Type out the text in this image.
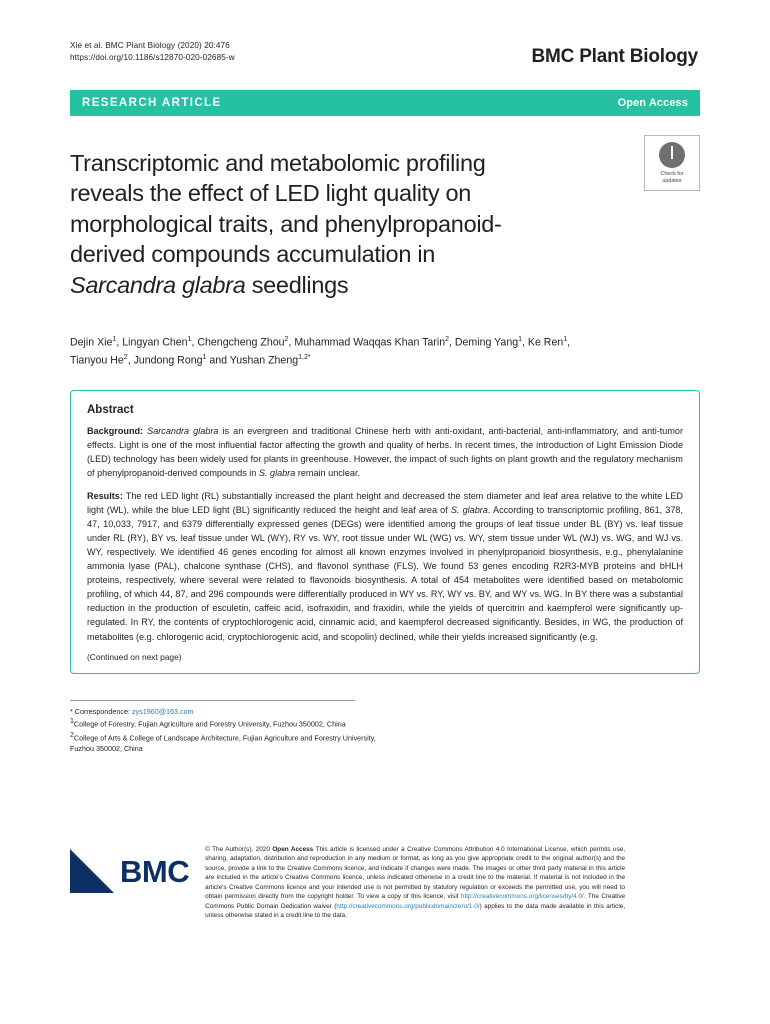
Xie et al. BMC Plant Biology (2020) 20:476
https://doi.org/10.1186/s12870-020-02685-w	BMC Plant Biology
RESEARCH ARTICLE	Open Access
Transcriptomic and metabolomic profiling
reveals the effect of LED light quality on
morphological traits, and phenylpropanoid-
derived compounds accumulation in
Sarcandra glabra seedlings
Check for
updates
Dejin Xie$^1$, Lingyan Chen$^1$, Chengcheng Zhou$^2$, Muhammad Waqqas Khan Tarin$^2$, Deming Yang$^1$, Ke Ren$^1$,
Tianyou He$^2$, Jundong Rong$^1$ and Yushan Zheng$^{1,2*}$
Abstract
Background: Sarcandra glabra is an evergreen and traditional Chinese herb with anti-oxidant, anti-bacterial, anti-inflammatory, and anti-tumor effects. Light is one of the most influential factor affecting the growth and quality of herbs. In recent times, the introduction of Light Emission Diode (LED) technology has been widely used for plants in greenhouse. However, the impact of such lights on plant growth and the regulatory mechanism of phenylpropanoid-derived compounds in S. glabra remain unclear.
Results: The red LED light (RL) substantially increased the plant height and decreased the stem diameter and leaf area relative to the white LED light (WL), while the blue LED light (BL) significantly reduced the height and leaf area of S. glabra. According to transcriptomic profiling, 861, 378, 47, 10,033, 7917, and 6379 differentially expressed genes (DEGs) were identified among the groups of leaf tissue under BL (BY) vs. leaf tissue under RL (RY), BY vs. leaf tissue under WL (WY), RY vs. WY, root tissue under WL (WG) vs. WY, stem tissue under WL (WJ) vs. WG, and WJ vs. WY, respectively. We identified 46 genes encoding for almost all known enzymes involved in phenylpropanoid biosynthesis, e.g., phenylalanine ammonia lyase (PAL), chalcone synthase (CHS), and flavonol synthase (FLS). We found 53 genes encoding R2R3-MYB proteins and bHLH proteins, respectively, where several were related to flavonoids biosynthesis. A total of 454 metabolites were identified based on metabolomic profiling, of which 44, 87, and 296 compounds were differentially produced in WY vs. RY, WY vs. BY, and WY vs. WG. In BY there was a substantial reduction in the production of esculetin, caffeic acid, isofraxidin, and fraxidin, while the yields of quercitrin and kaempferol were significantly up-regulated. In RY, the contents of cryptochlorogenic acid, cinnamic acid, and kaempferol decreased significantly. Besides, in WG, the production of metabolites (e.g. chlorogenic acid, cryptochlorogenic acid, and scopolin) declined, while their yields increased significantly (e.g.
(Continued on next page)
* Correspondence: zys1960@163.com
$^1$College of Forestry, Fujian Agriculture and Forestry University, Fuzhou 350002, China
$^2$College of Arts & College of Landscape Architecture, Fujian Agriculture and Forestry University, Fuzhou 350002, China
BMC
© The Author(s). 2020 Open Access This article is licensed under a Creative Commons Attribution 4.0 International License, which permits use, sharing, adaptation, distribution and reproduction in any medium or format, as long as you give appropriate credit to the original author(s) and the source, provide a link to the Creative Commons licence, and indicate if changes were made. The images or other third party material in this article are included in the article's Creative Commons licence, unless indicated otherwise in a credit line to the material. If material is not included in the article's Creative Commons licence and your intended use is not permitted by statutory regulation or exceeds the permitted use, you will need to obtain permission directly from the copyright holder. To view a copy of this licence, visit http://creativecommons.org/licenses/by/4.0/. The Creative Commons Public Domain Dedication waiver (http://creativecommons.org/publicdomain/zero/1.0/) applies to the data made available in this article, unless otherwise stated in a credit line to the data.
